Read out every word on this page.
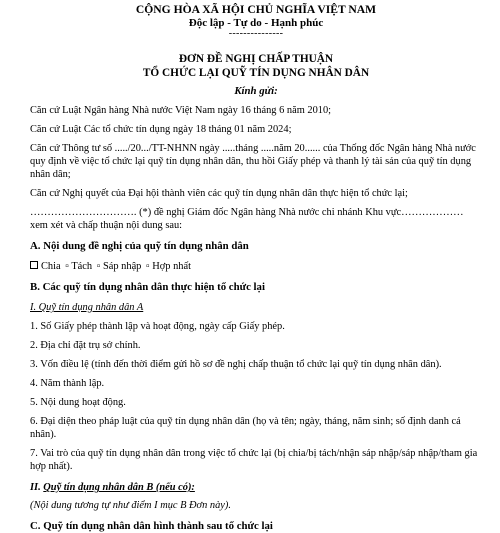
CỘNG HÒA XÃ HỘI CHỦ NGHĨA VIỆT NAM
Độc lập - Tự do - Hạnh phúc
---------------
ĐƠN ĐỀ NGHỊ CHẤP THUẬN
TỔ CHỨC LẠI QUỸ TÍN DỤNG NHÂN DÂN
Kính gửi:

Căn cứ Luật Ngân hàng Nhà nước Việt Nam ngày 16 tháng 6 năm 2010;

Căn cứ Luật Các tổ chức tín dụng ngày 18 tháng 01 năm 2024;

Căn cứ Thông tư số ...../20.../TT-NHNN ngày .....tháng .....năm 20...... của Thống đốc Ngân hàng Nhà nước quy định về việc tổ chức lại quỹ tín dụng nhân dân, thu hồi Giấy phép và thanh lý tài sản của quỹ tín dụng nhân dân;

Căn cứ Nghị quyết của Đại hội thành viên các quỹ tín dụng nhân dân thực hiện tổ chức lại;

…………………………. (*) đề nghị Giám đốc Ngân hàng Nhà nước chi nhánh Khu vực……………… xem xét và chấp thuận nội dung sau:

A. Nội dung đề nghị của quỹ tín dụng nhân dân
Chia ▫ Tách ▫ Sáp nhập ▫ Hợp nhất
B. Các quỹ tín dụng nhân dân thực hiện tổ chức lại
I. Quỹ tín dụng nhân dân A

1. Số Giấy phép thành lập và hoạt động, ngày cấp Giấy phép.

2. Địa chỉ đặt trụ sở chính.

3. Vốn điều lệ (tính đến thời điểm gửi hồ sơ đề nghị chấp thuận tổ chức lại quỹ tín dụng nhân dân).

4. Năm thành lập.

5. Nội dung hoạt động.

6. Đại diện theo pháp luật của quỹ tín dụng nhân dân (họ và tên; ngày, tháng, năm sinh; số định danh cá nhân).

7. Vai trò của quỹ tín dụng nhân dân trong việc tổ chức lại (bị chia/bị tách/nhận sáp nhập/sáp nhập/tham gia hợp nhất).

II. Quỹ tín dụng nhân dân B (nếu có):
(Nội dung tương tự như điểm I mục B Đơn này).
C. Quỹ tín dụng nhân dân hình thành sau tổ chức lại
